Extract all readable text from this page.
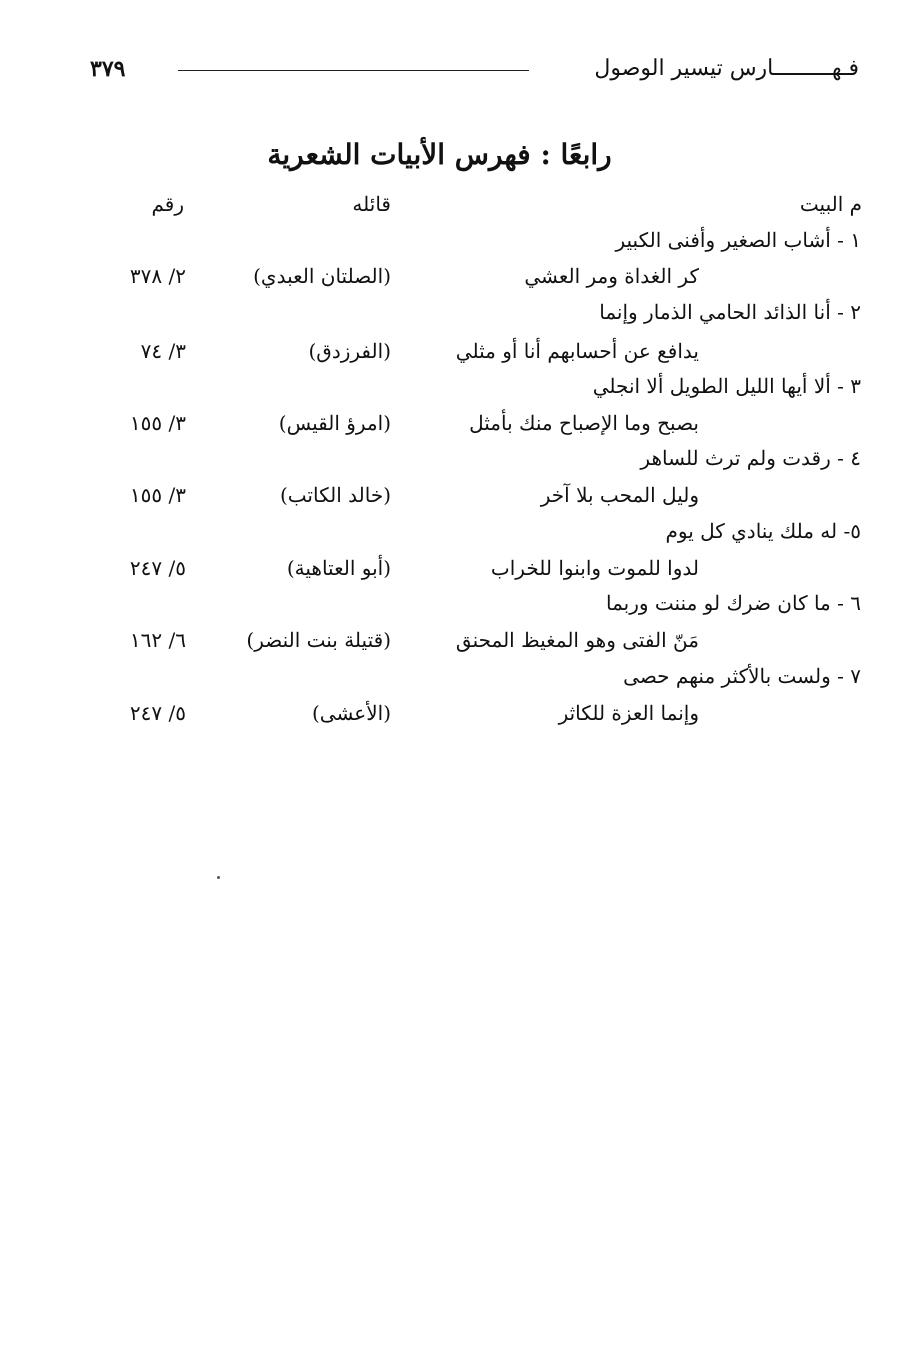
فـهـــــــــارس تيسير الوصول
٣٧٩
رابعًا : فهرس الأبيات الشعرية
م البيت
قائله
رقم
١ - أشاب الصغير وأفنى الكبير
كر الغداة ومر العشي
(الصلتان العبدي)
٢/ ٣٧٨
٢ - أنا الذائد الحامي الذمار وإنما
يدافع عن أحسابهم أنا أو مثلي
(الفرزدق)
٣/ ٧٤
٣ - ألا أيها الليل الطويل ألا انجلي
بصبح وما الإصباح منك بأمثل
(امرؤ القيس)
٣/ ١٥٥
٤ - رقدت ولم ترث للساهر
وليل المحب بلا آخر
(خالد الكاتب)
٣/ ١٥٥
٥- له ملك ينادي كل يوم
لدوا للموت وابنوا للخراب
(أبو العتاهية)
٥/ ٢٤٧
٦ - ما كان ضرك لو مننت وربما
مَنّ الفتى وهو المغيظ المحنق
(قتيلة بنت النضر)
٦/ ١٦٢
٧ - ولست بالأكثر منهم حصى
وإنما العزة للكاثر
(الأعشى)
٥/ ٢٤٧
